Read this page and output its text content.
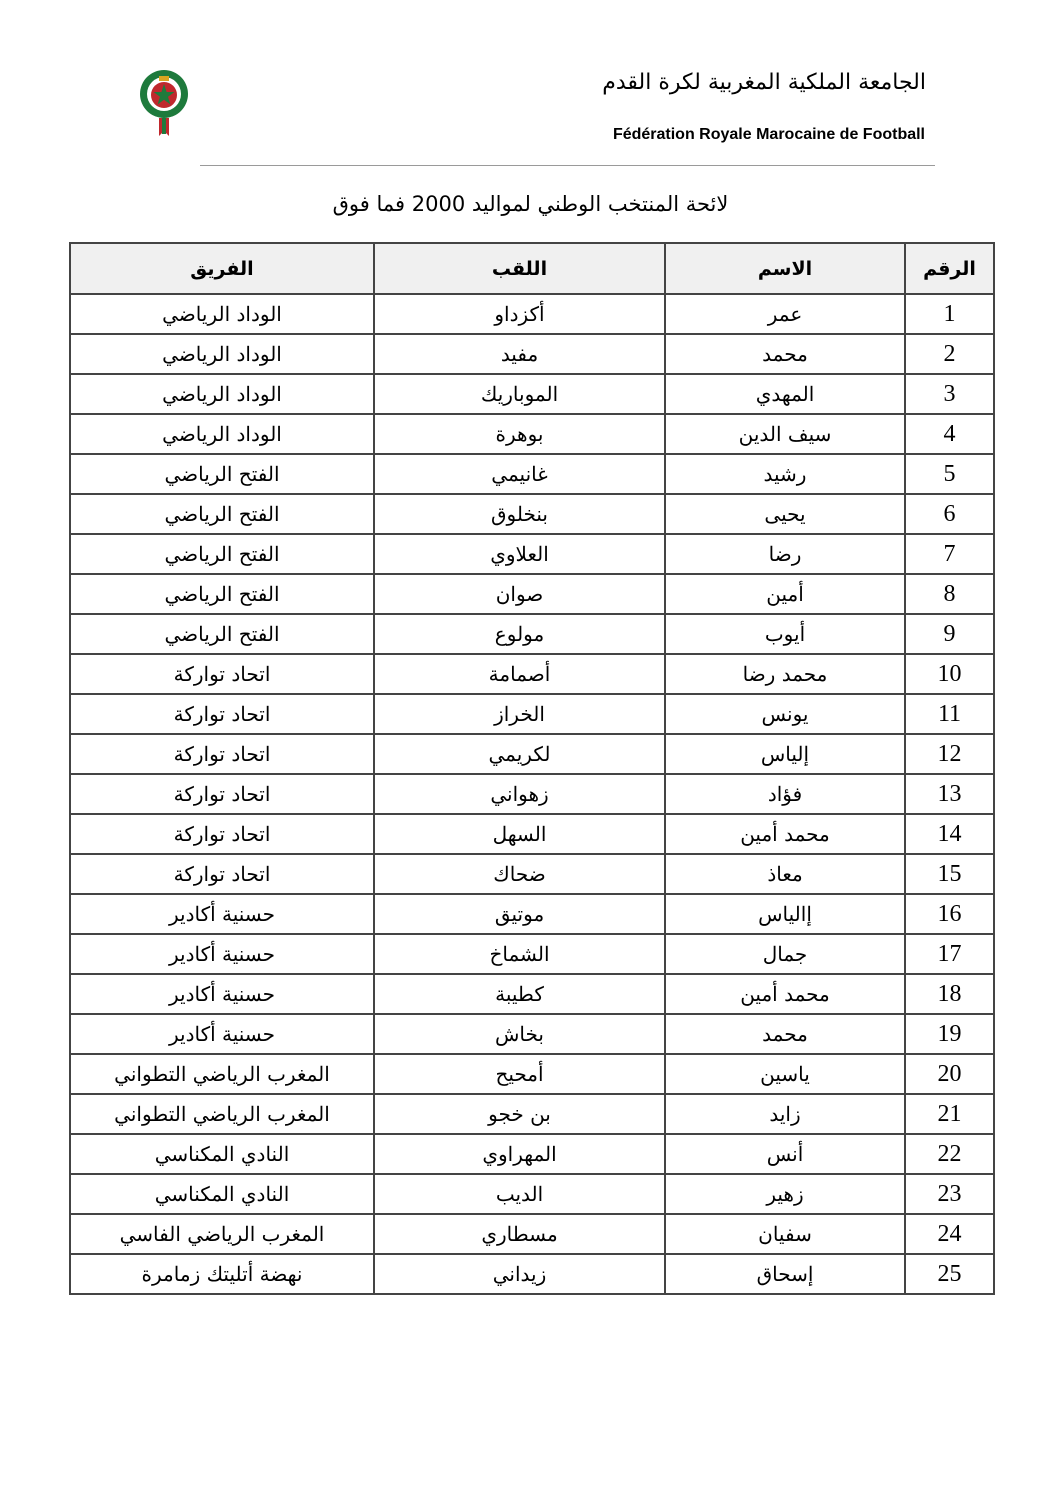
الجامعة الملكية المغربية لكرة القدم
Fédération Royale Marocaine de Football
لائحة المنتخب الوطني لمواليد 2000 فما فوق
الرقم	الاسم	اللقب	الفريق
1	عمر	أكزداو	الوداد الرياضي
2	محمد	مفيد	الوداد الرياضي
3	المهدي	الموباريك	الوداد الرياضي
4	سيف الدين	بوهرة	الوداد الرياضي
5	رشيد	غانيمي	الفتح الرياضي
6	يحيى	بنخلوق	الفتح الرياضي
7	رضا	العلاوي	الفتح الرياضي
8	أمين	صوان	الفتح الرياضي
9	أيوب	مولوع	الفتح الرياضي
10	محمد رضا	أصمامة	اتحاد تواركة
11	يونس	الخراز	اتحاد تواركة
12	إلياس	لكريمي	اتحاد تواركة
13	فؤاد	زهواني	اتحاد تواركة
14	محمد أمين	السهل	اتحاد تواركة
15	معاذ	ضحاك	اتحاد تواركة
16	إالياس	موتيق	حسنية أكادير
17	جمال	الشماخ	حسنية أكادير
18	محمد أمين	كطيبة	حسنية أكادير
19	محمد	بخاش	حسنية أكادير
20	ياسين	أمحيح	المغرب الرياضي التطواني
21	زايد	بن خجو	المغرب الرياضي التطواني
22	أنس	المهراوي	النادي المكناسي
23	زهير	الديب	النادي المكناسي
24	سفيان	مسطاري	المغرب الرياضي الفاسي
25	إسحاق	زيداني	نهضة أتليتك زمامرة
